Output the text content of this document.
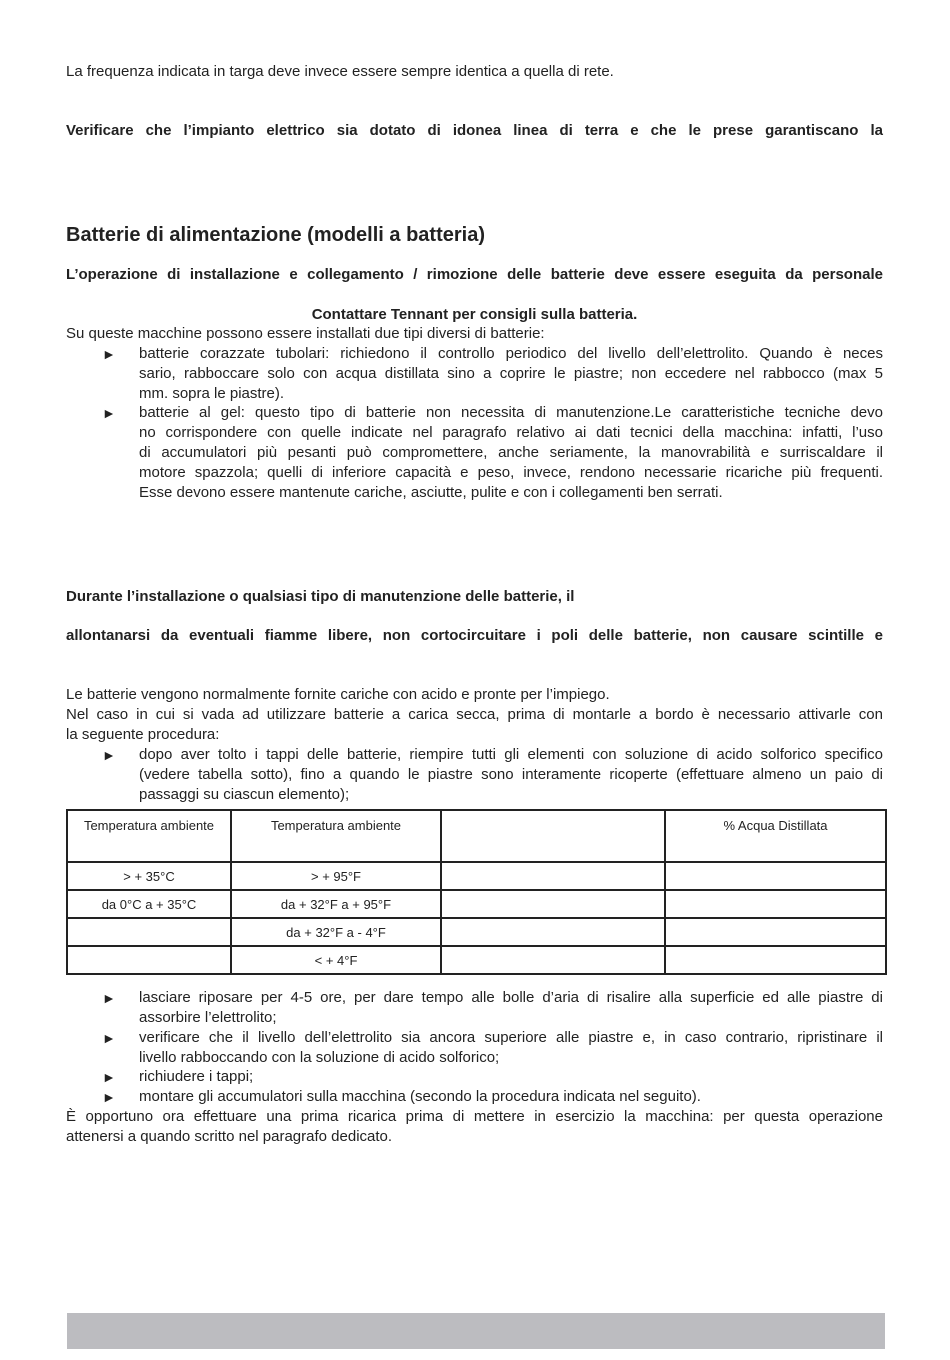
La frequenza indicata in targa deve invece essere sempre identica a quella di rete.
Verificare che l’impianto elettrico sia dotato di idonea linea di terra e che le prese garantiscano la
Batterie di alimentazione (modelli a batteria)
L’operazione di installazione e collegamento / rimozione delle batterie deve essere eseguita da personale
Contattare Tennant per consigli sulla batteria.
Su queste macchine possono essere installati due tipi diversi di batterie:
► batterie corazzate tubolari: richiedono il controllo periodico del livello dell’elettrolito. Quando è neces
sario, rabboccare solo con acqua distillata sino a coprire le piastre; non eccedere nel rabbocco (max 5
mm. sopra le piastre).
► batterie al gel: questo tipo di batterie non necessita di manutenzione.Le caratteristiche tecniche devo
no corrispondere con quelle indicate nel paragrafo relativo ai dati tecnici della macchina: infatti, l’uso
di accumulatori più pesanti può compromettere, anche seriamente, la manovrabilità e surriscaldare il
motore spazzola; quelli di inferiore capacità e peso, invece, rendono necessarie ricariche più frequenti.
Esse devono essere mantenute cariche, asciutte, pulite e con i collegamenti ben serrati.
Durante l’installazione o qualsiasi tipo di manutenzione delle batterie, il
allontanarsi da eventuali fiamme libere, non cortocircuitare i poli delle batterie, non causare scintille e
Le batterie vengono normalmente fornite cariche con acido e pronte per l’impiego.
Nel caso in cui si vada ad utilizzare batterie a carica secca, prima di montarle a bordo è necessario attivarle con
la seguente procedura:
► dopo aver tolto i tappi delle batterie, riempire tutti gli elementi con soluzione di acido solforico specifico
(vedere tabella sotto), fino a quando le piastre sono interamente ricoperte (effettuare almeno un paio di
passaggi su ciascun elemento);
Temperatura ambiente	Temperatura ambiente		% Acqua Distillata
> + 35°C	> + 95°F		
da 0°C a + 35°C	da + 32°F a + 95°F		
	da + 32°F a - 4°F		
	< + 4°F		
► lasciare riposare per 4-5 ore, per dare tempo alle bolle d’aria di risalire alla superficie ed alle piastre di
assorbire l’elettrolito;
► verificare che il livello dell’elettrolito sia ancora superiore alle piastre e, in caso contrario, ripristinare il
livello rabboccando con la soluzione di acido solforico;
► richiudere i tappi;
► montare gli accumulatori sulla macchina (secondo la procedura indicata nel seguito).
È opportuno ora effettuare una prima ricarica prima di mettere in esercizio la macchina: per questa operazione
attenersi a quando scritto nel paragrafo dedicato.
